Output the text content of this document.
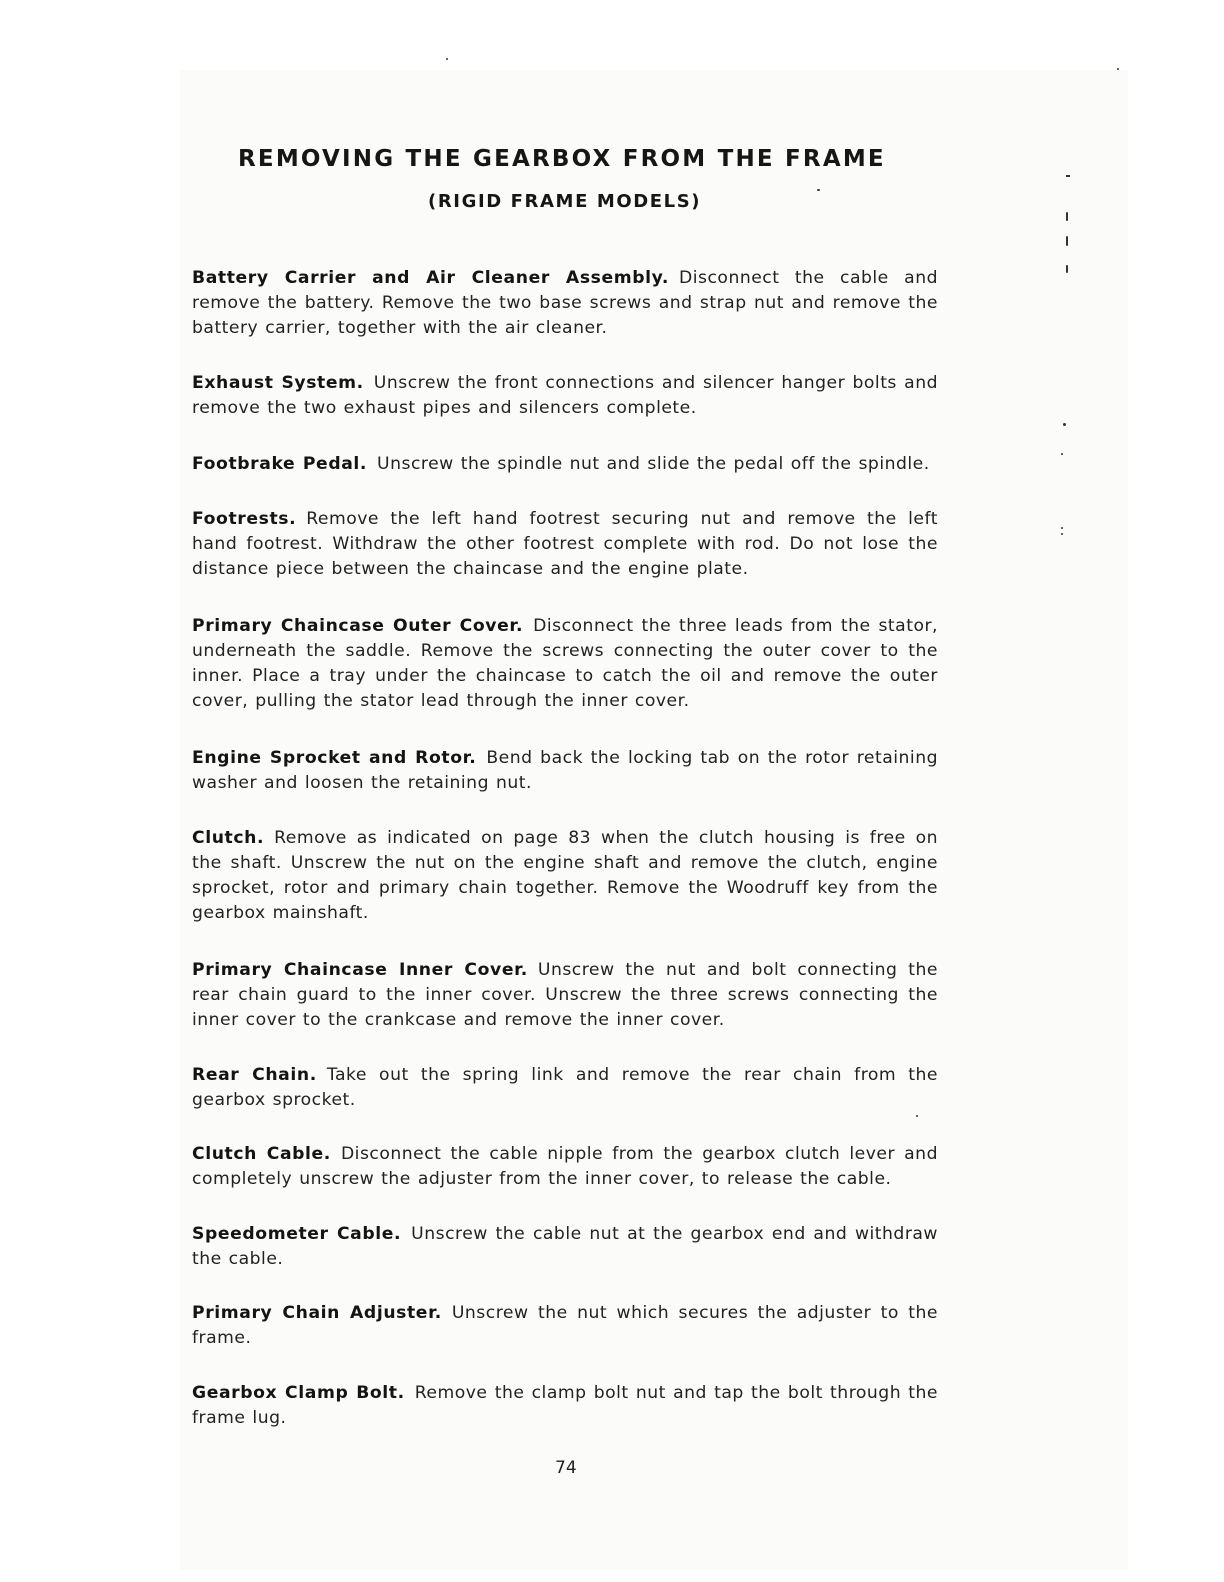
REMOVING THE GEARBOX FROM THE FRAME
(RIGID FRAME MODELS)
Battery Carrier and Air Cleaner Assembly. Disconnect the cable and remove the battery. Remove the two base screws and strap nut and remove the battery carrier, together with the air cleaner.
Exhaust System. Unscrew the front connections and silencer hanger bolts and remove the two exhaust pipes and silencers complete.
Footbrake Pedal. Unscrew the spindle nut and slide the pedal off the spindle.
Footrests. Remove the left hand footrest securing nut and remove the left hand footrest. Withdraw the other footrest complete with rod. Do not lose the distance piece between the chaincase and the engine plate.
Primary Chaincase Outer Cover. Disconnect the three leads from the stator, underneath the saddle. Remove the screws connecting the outer cover to the inner. Place a tray under the chaincase to catch the oil and remove the outer cover, pulling the stator lead through the inner cover.
Engine Sprocket and Rotor. Bend back the locking tab on the rotor retaining washer and loosen the retaining nut.
Clutch. Remove as indicated on page 83 when the clutch housing is free on the shaft. Unscrew the nut on the engine shaft and remove the clutch, engine sprocket, rotor and primary chain together. Remove the Woodruff key from the gearbox mainshaft.
Primary Chaincase Inner Cover. Unscrew the nut and bolt connecting the rear chain guard to the inner cover. Unscrew the three screws connecting the inner cover to the crankcase and remove the inner cover.
Rear Chain. Take out the spring link and remove the rear chain from the gearbox sprocket.
Clutch Cable. Disconnect the cable nipple from the gearbox clutch lever and completely unscrew the adjuster from the inner cover, to release the cable.
Speedometer Cable. Unscrew the cable nut at the gearbox end and withdraw the cable.
Primary Chain Adjuster. Unscrew the nut which secures the adjuster to the frame.
Gearbox Clamp Bolt. Remove the clamp bolt nut and tap the bolt through the frame lug.
74
